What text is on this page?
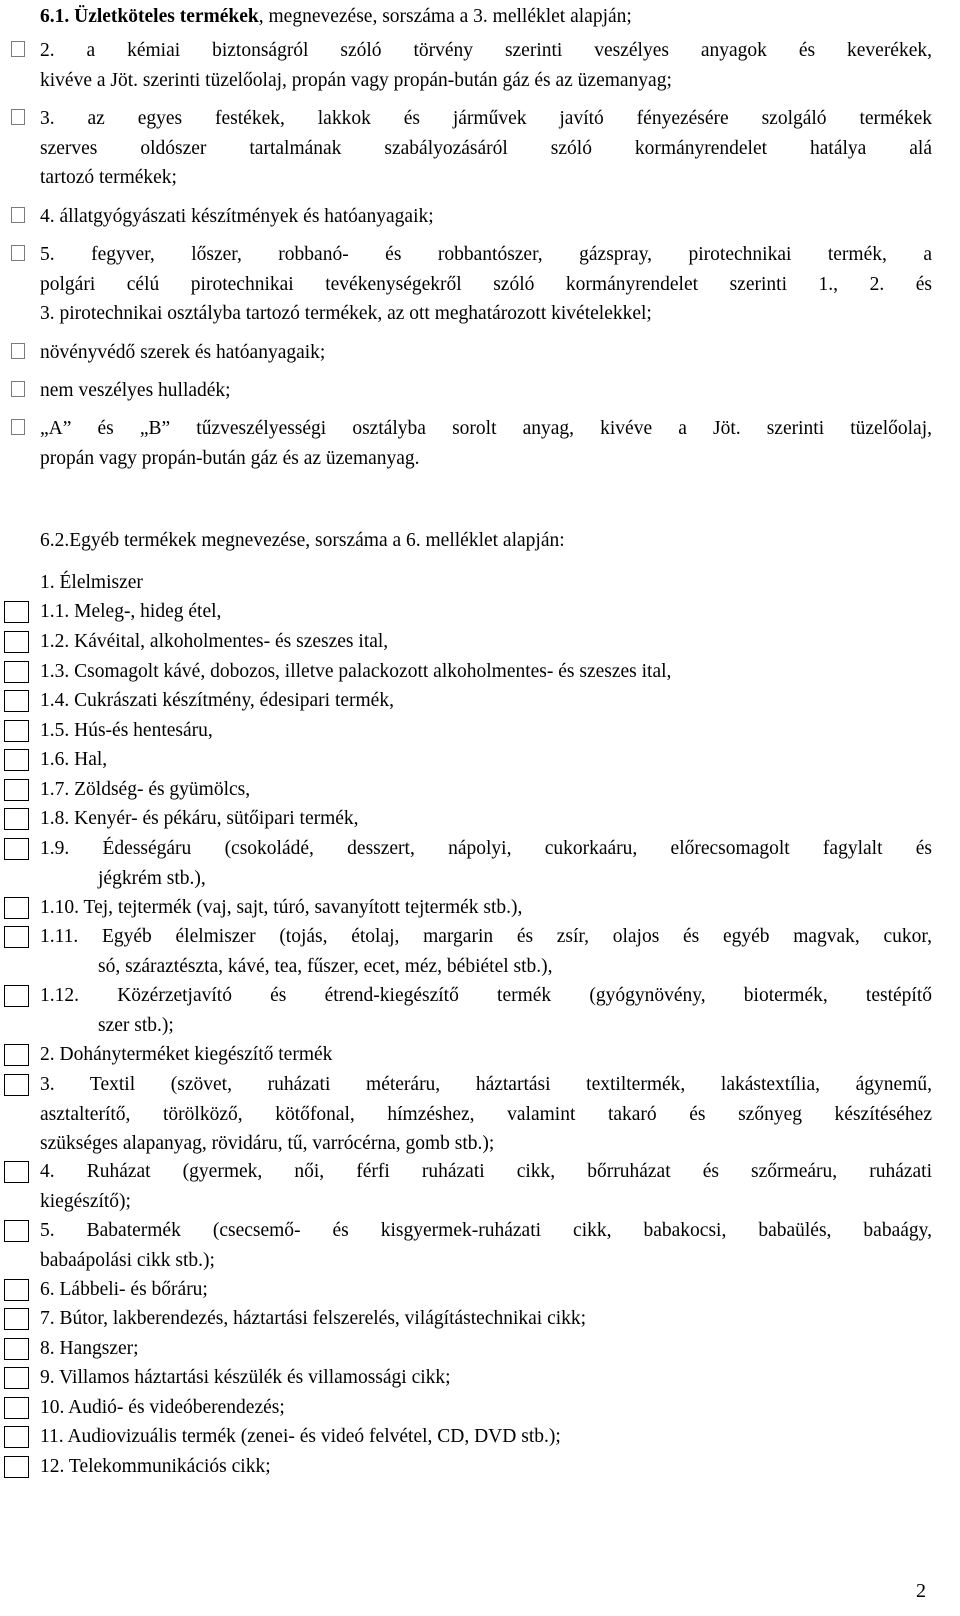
6.1. Üzletköteles termékek, megnevezése, sorszáma a 3. melléklet alapján;
2. a kémiai biztonságról szóló törvény szerinti veszélyes anyagok és keverékek,
kivéve a Jöt. szerinti tüzelőolaj, propán vagy propán-bután gáz és az üzemanyag;
3. az egyes festékek, lakkok és járművek javító fényezésére szolgáló termékek
szerves oldószer tartalmának szabályozásáról szóló kormányrendelet hatálya alá
tartozó termékek;
4. állatgyógyászati készítmények és hatóanyagaik;
5. fegyver, lőszer, robbanó- és robbantószer, gázspray, pirotechnikai termék, a
polgári célú pirotechnikai tevékenységekről szóló kormányrendelet szerinti 1., 2. és
3. pirotechnikai osztályba tartozó termékek, az ott meghatározott kivételekkel;
növényvédő szerek és hatóanyagaik;
nem veszélyes hulladék;
„A” és „B” tűzveszélyességi osztályba sorolt anyag, kivéve a Jöt. szerinti tüzelőolaj,
propán vagy propán-bután gáz és az üzemanyag.
6.2.Egyéb termékek megnevezése, sorszáma a 6. melléklet alapján:
1. Élelmiszer
1.1. Meleg-, hideg étel,
1.2. Kávéital, alkoholmentes- és szeszes ital,
1.3. Csomagolt kávé, dobozos, illetve palackozott alkoholmentes- és szeszes ital,
1.4. Cukrászati készítmény, édesipari termék,
1.5. Hús-és hentesáru,
1.6. Hal,
1.7. Zöldség- és gyümölcs,
1.8. Kenyér- és pékáru, sütőipari termék,
1.9. Édességáru (csokoládé, desszert, nápolyi, cukorkaáru, előrecsomagolt fagylalt és
jégkrém stb.),
1.10. Tej, tejtermék (vaj, sajt, túró, savanyított tejtermék stb.),
1.11. Egyéb élelmiszer (tojás, étolaj, margarin és zsír, olajos és egyéb magvak, cukor,
só, száraztészta, kávé, tea, fűszer, ecet, méz, bébiétel stb.),
1.12. Közérzetjavító és étrend-kiegészítő termék (gyógynövény, biotermék, testépítő
szer stb.);
2. Dohányterméket kiegészítő termék
3. Textil (szövet, ruházati méteráru, háztartási textiltermék, lakástextília, ágynemű,
asztalterítő, törölköző, kötőfonal, hímzéshez, valamint takaró és szőnyeg készítéséhez
szükséges alapanyag, rövidáru, tű, varrócérna, gomb stb.);
4. Ruházat (gyermek, női, férfi ruházati cikk, bőrruházat és szőrmeáru, ruházati
kiegészítő);
5. Babatermék (csecsemő- és kisgyermek-ruházati cikk, babakocsi, babaülés, babaágy,
babaápolási cikk stb.);
6. Lábbeli- és bőráru;
7. Bútor, lakberendezés, háztartási felszerelés, világítástechnikai cikk;
8. Hangszer;
9. Villamos háztartási készülék és villamossági cikk;
10. Audió- és videóberendezés;
11. Audiovizuális termék (zenei- és videó felvétel, CD, DVD stb.);
12. Telekommunikációs cikk;
2
